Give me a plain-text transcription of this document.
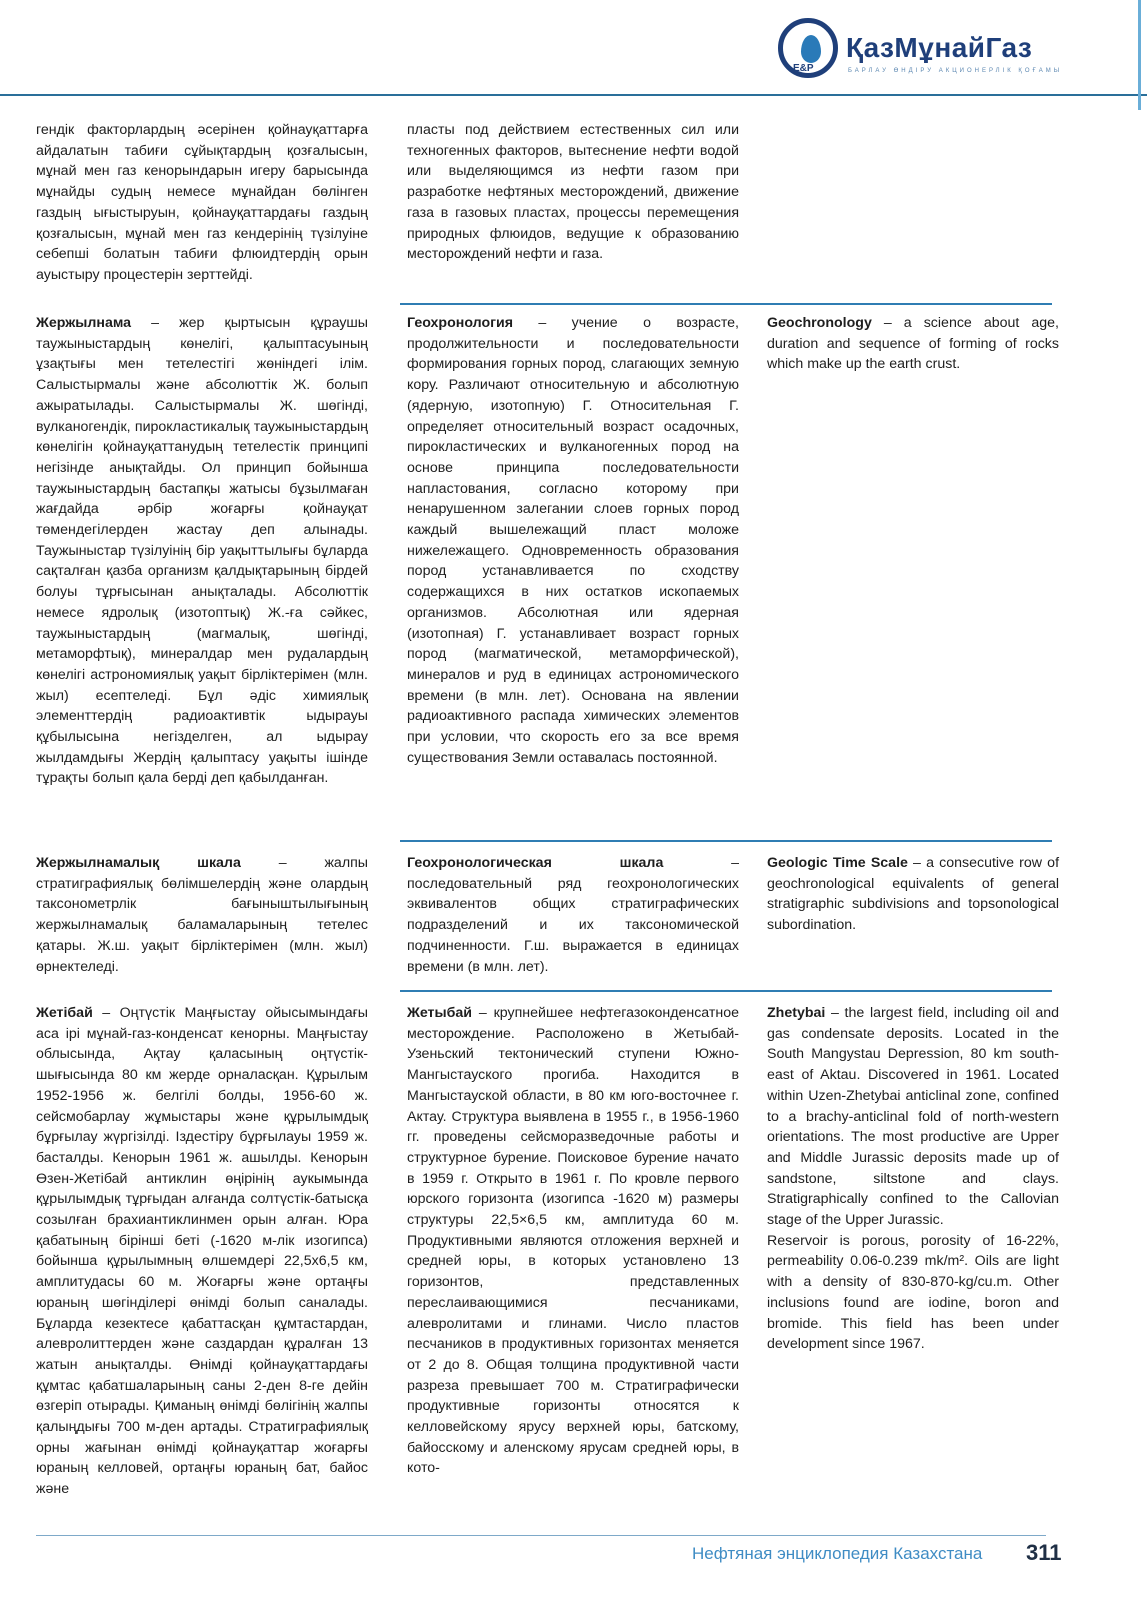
E&P
ҚазМұнайГаз
БАРЛАУ ӨНДІРУ АКЦИОНЕРЛІК ҚОҒАМЫ
гендік факторлардың әсерінен қойнауқаттарға айдалатын табиғи сұйықтардың қозғалысын, мұнай мен газ кенорындарын игеру барысында мұнайды судың немесе мұнайдан бөлінген газдың ығыстыруын, қойнауқаттардағы газдың қозғалысын, мұнай мен газ кендерінің түзілуіне себепші болатын табиғи флюидтердің орын ауыстыру процестерін зерттейді.
пласты под действием естественных сил или техногенных факторов, вытеснение нефти водой или выделяющимся из нефти газом при разработке нефтяных месторождений, движение газа в газовых пластах, процессы перемещения природных флюидов, ведущие к образованию месторождений нефти и газа.
Жержылнама – жер қыртысын құраушы таужыныстардың көнелігі, қалыптасуының ұзақтығы мен тетелестігі жөніндегі ілім. Салыстырмалы және абсолюттік Ж. болып ажыратылады. Салыстырмалы Ж. шөгінді, вулканогендік, пирокластикалық таужыныстардың көнелігін қойнауқаттанудың тетелестік принципі негізінде анықтайды. Ол принцип бойынша таужыныстардың бастапқы жатысы бұзылмаған жағдайда әрбір жоғарғы қойнауқат төмендегілерден жастау деп алынады. Таужыныстар түзілуінің бір уақыттылығы бұларда сақталған қазба организм қалдықтарының бірдей болуы тұрғысынан анықталады. Абсолюттік немесе ядролық (изотоптық) Ж.-ға сәйкес, таужыныстардың (магмалық, шөгінді, метаморфтық), минералдар мен рудалардың көнелігі астрономиялық уақыт бірліктерімен (млн. жыл) есептеледі. Бұл әдіс химиялық элементтердің радиоактивтік ыдырауы құбылысына негізделген, ал ыдырау жылдамдығы Жердің қалыптасу уақыты ішінде тұрақты болып қала берді деп қабылданған.
Геохронология – учение о возрасте, продолжительности и последовательности формирования горных пород, слагающих земную кору. Различают относительную и абсолютную (ядерную, изотопную) Г. Относительная Г. определяет относительный возраст осадочных, пирокластических и вулканогенных пород на основе принципа последовательности напластования, согласно которому при ненарушенном залегании слоев горных пород каждый вышележащий пласт моложе нижележащего. Одновременность образования пород устанавливается по сходству содержащихся в них остатков ископаемых организмов. Абсолютная или ядерная (изотопная) Г. устанавливает возраст горных пород (магматической, метаморфической), минералов и руд в единицах астрономического времени (в млн. лет). Основана на явлении радиоактивного распада химических элементов при условии, что скорость его за все время существования Земли оставалась постоянной.
Geochronology – a science about age, duration and sequence of forming of rocks which make up the earth crust.
Жержылнамалық шкала – жалпы стратиграфиялық бөлімшелердің және олардың таксонометрлік бағыныштылығының жержылнамалық баламаларының тетелес қатары. Ж.ш. уақыт бірліктерімен (млн. жыл) өрнектеледі.
Геохронологическая шкала – последовательный ряд геохронологических эквивалентов общих стратиграфических подразделений и их таксономической подчиненности. Г.ш. выражается в единицах времени (в млн. лет).
Geologic Time Scale – a consecutive row of geochronological equivalents of general stratigraphic subdivisions and topsonological subordination.
Жетібай – Оңтүстік Маңғыстау ойысымындағы аса ірі мұнай-газ-конденсат кенорны. Маңғыстау облысында, Ақтау қаласының оңтүстік-шығысында 80 км жерде орналасқан. Құрылым 1952-1956 ж. белгілі болды, 1956-60 ж. сейсмобарлау жұмыстары және құрылымдық бұрғылау жүргізілді. Іздестіру бұрғылауы 1959 ж. басталды. Кенорын 1961 ж. ашылды. Кенорын Өзен-Жетібай антиклин өңірінің аукымында құрылымдық тұрғыдан алғанда солтүстік-батысқа созылған брахиантиклинмен орын алған. Юра қабатының бірінші беті (-1620 м-лік изогипса) бойынша құрылымның өлшемдері 22,5х6,5 км, амплитудасы 60 м. Жоғарғы және ортаңғы юраның шөгінділері өнімді болып саналады. Бұларда кезектесе қабаттасқан құмтастардан, алевролиттерден және саздардан құралған 13 жатын анықталды. Өнімді қойнауқаттардағы құмтас қабатшаларының саны 2-ден 8-ге дейін өзгеріп отырады. Қиманың өнімді бөлігінің жалпы қалыңдығы 700 м-ден артады. Стратиграфиялық орны жағынан өнімді қойнауқаттар жоғарғы юраның келловей, ортаңғы юраның бат, байос және
Жетыбай – крупнейшее нефтегазоконденсатное месторождение. Расположено в Жетыбай-Узеньский тектонический ступени Южно-Мангыстауского прогиба. Находится в Мангыстауской области, в 80 км юго-восточнее г. Актау. Структура выявлена в 1955 г., в 1956-1960 гг. проведены сейсморазведочные работы и структурное бурение. Поисковое бурение начато в 1959 г. Открыто в 1961 г. По кровле первого юрского горизонта (изогипса -1620 м) размеры структуры 22,5×6,5 км, амплитуда 60 м. Продуктивными являются отложения верхней и средней юры, в которых установлено 13 горизонтов, представленных переслаивающимися песчаниками, алевролитами и глинами. Число пластов песчаников в продуктивных горизонтах меняется от 2 до 8. Общая толщина продуктивной части разреза превышает 700 м. Стратиграфически продуктивные горизонты относятся к келловейскому ярусу верхней юры, батскому, байосскому и аленскому ярусам средней юры, в кото-
Zhetybai – the largest field, including oil and gas condensate deposits. Located in the South Mangystau Depression, 80 km south-east of Aktau. Discovered in 1961. Located within Uzen-Zhetybai anticlinal zone, confined to a brachy-anticlinal fold of north-western orientations. The most productive are Upper and Middle Jurassic deposits made up of sandstone, siltstone and clays. Stratigraphically confined to the Callovian stage of the Upper Jurassic.
Reservoir is porous, porosity of 16-22%, permeability 0.06-0.239 mk/m². Oils are light with a density of 830-870-kg/cu.m. Other inclusions found are iodine, boron and bromide. This field has been under development since 1967.
Нефтяная энциклопедия Казахстана 311
